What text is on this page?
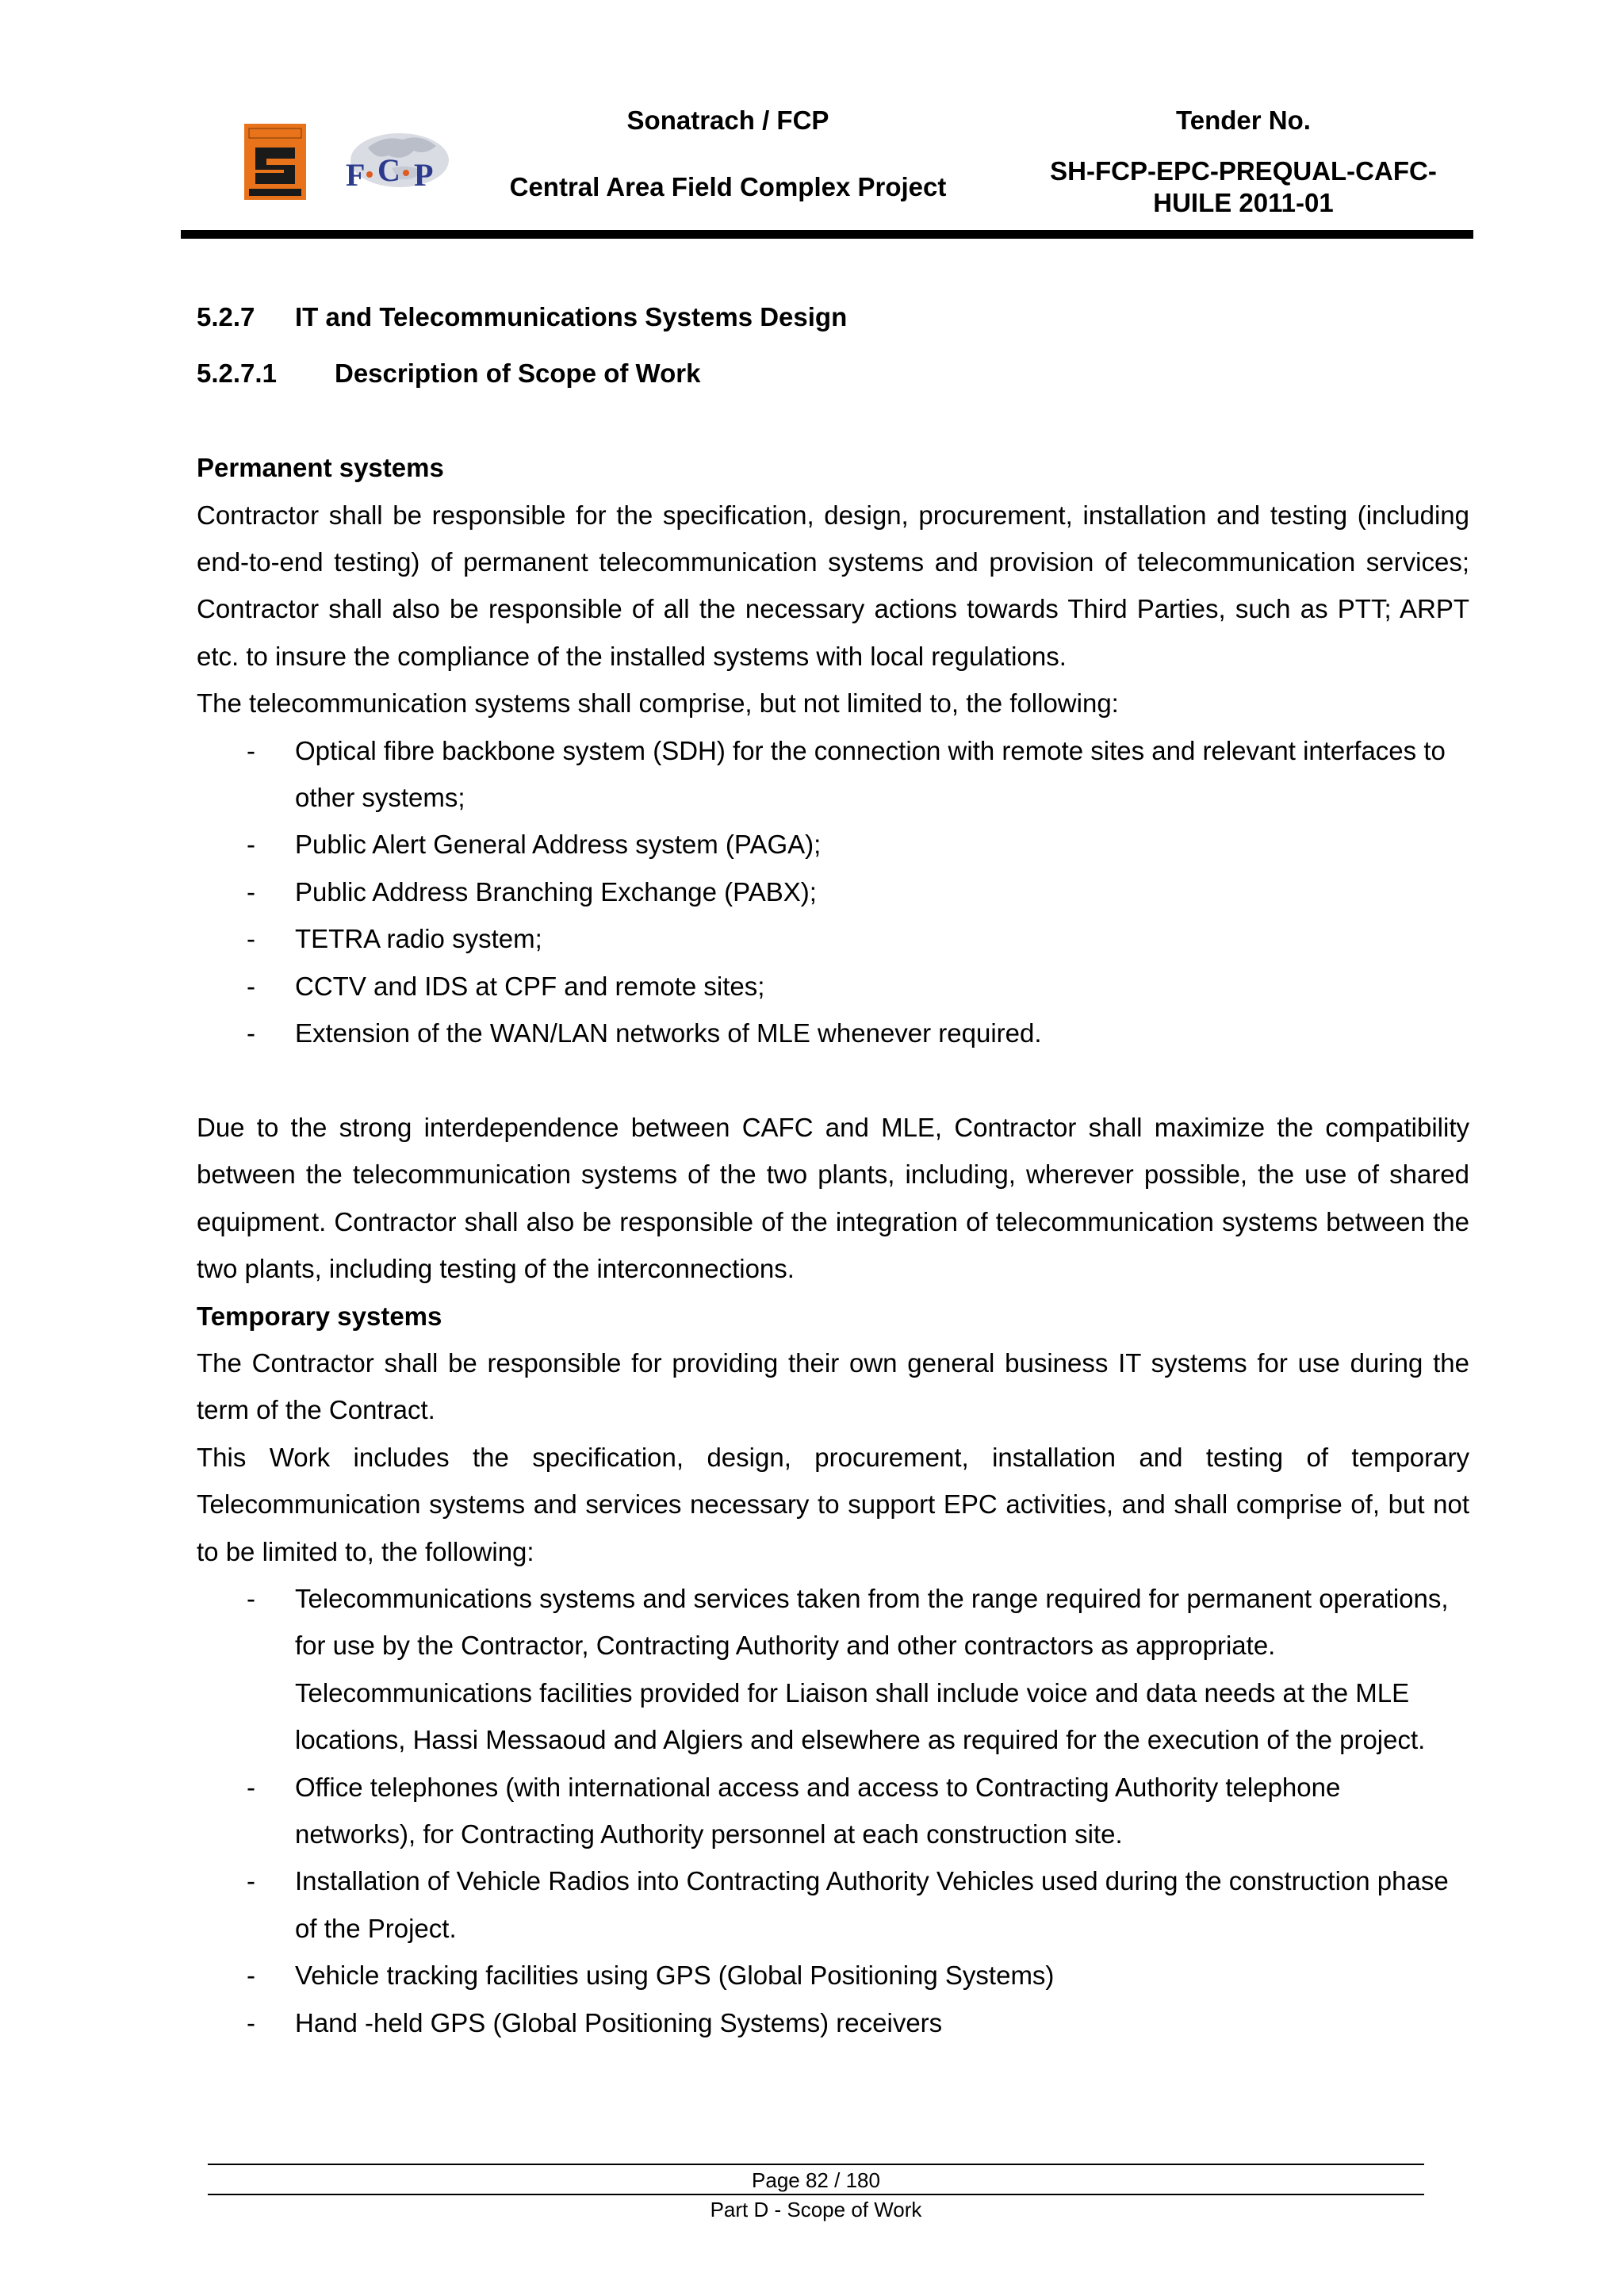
F C P
Sonatrach / FCP
Central Area Field Complex Project
Tender No.
SH-FCP-EPC-PREQUAL-CAFC-HUILE 2011-01
5.2.7	IT and Telecommunications Systems Design
5.2.7.1	Description of Scope of Work
Permanent systems
Contractor shall be responsible for the specification, design, procurement, installation and testing (including end-to-end testing) of permanent telecommunication systems and provision of telecommunication services; Contractor shall also be responsible of all the necessary actions towards Third Parties, such as PTT; ARPT etc. to insure the compliance of the installed systems with local regulations.
The telecommunication systems shall comprise, but not limited to, the following:
- Optical fibre backbone system (SDH) for the connection with remote sites and relevant interfaces to other systems;
- Public Alert General Address system (PAGA);
- Public Address Branching Exchange (PABX);
- TETRA radio system;
- CCTV and IDS at CPF and remote sites;
- Extension of the WAN/LAN networks of MLE whenever required.
Due to the strong interdependence between CAFC and MLE, Contractor shall maximize the compatibility between the telecommunication systems of the two plants, including, wherever possible, the use of shared equipment. Contractor shall also be responsible of the integration of telecommunication systems between the two plants, including testing of the interconnections.
Temporary systems
The Contractor shall be responsible for providing their own general business IT systems for use during the term of the Contract.
This Work includes the specification, design, procurement, installation and testing of temporary Telecommunication systems and services necessary to support EPC activities, and shall comprise of, but not to be limited to, the following:
- Telecommunications systems and services taken from the range required for permanent operations, for use by the Contractor, Contracting Authority and other contractors as appropriate. Telecommunications facilities provided for Liaison shall include voice and data needs at the MLE locations, Hassi Messaoud and Algiers and elsewhere as required for the execution of the project.
- Office telephones (with international access and access to Contracting Authority telephone networks), for Contracting Authority personnel at each construction site.
- Installation of Vehicle Radios into Contracting Authority Vehicles used during the construction phase of the Project.
- Vehicle tracking facilities using GPS (Global Positioning Systems)
- Hand -held GPS (Global Positioning Systems) receivers
Page 82 / 180
Part D - Scope of Work
